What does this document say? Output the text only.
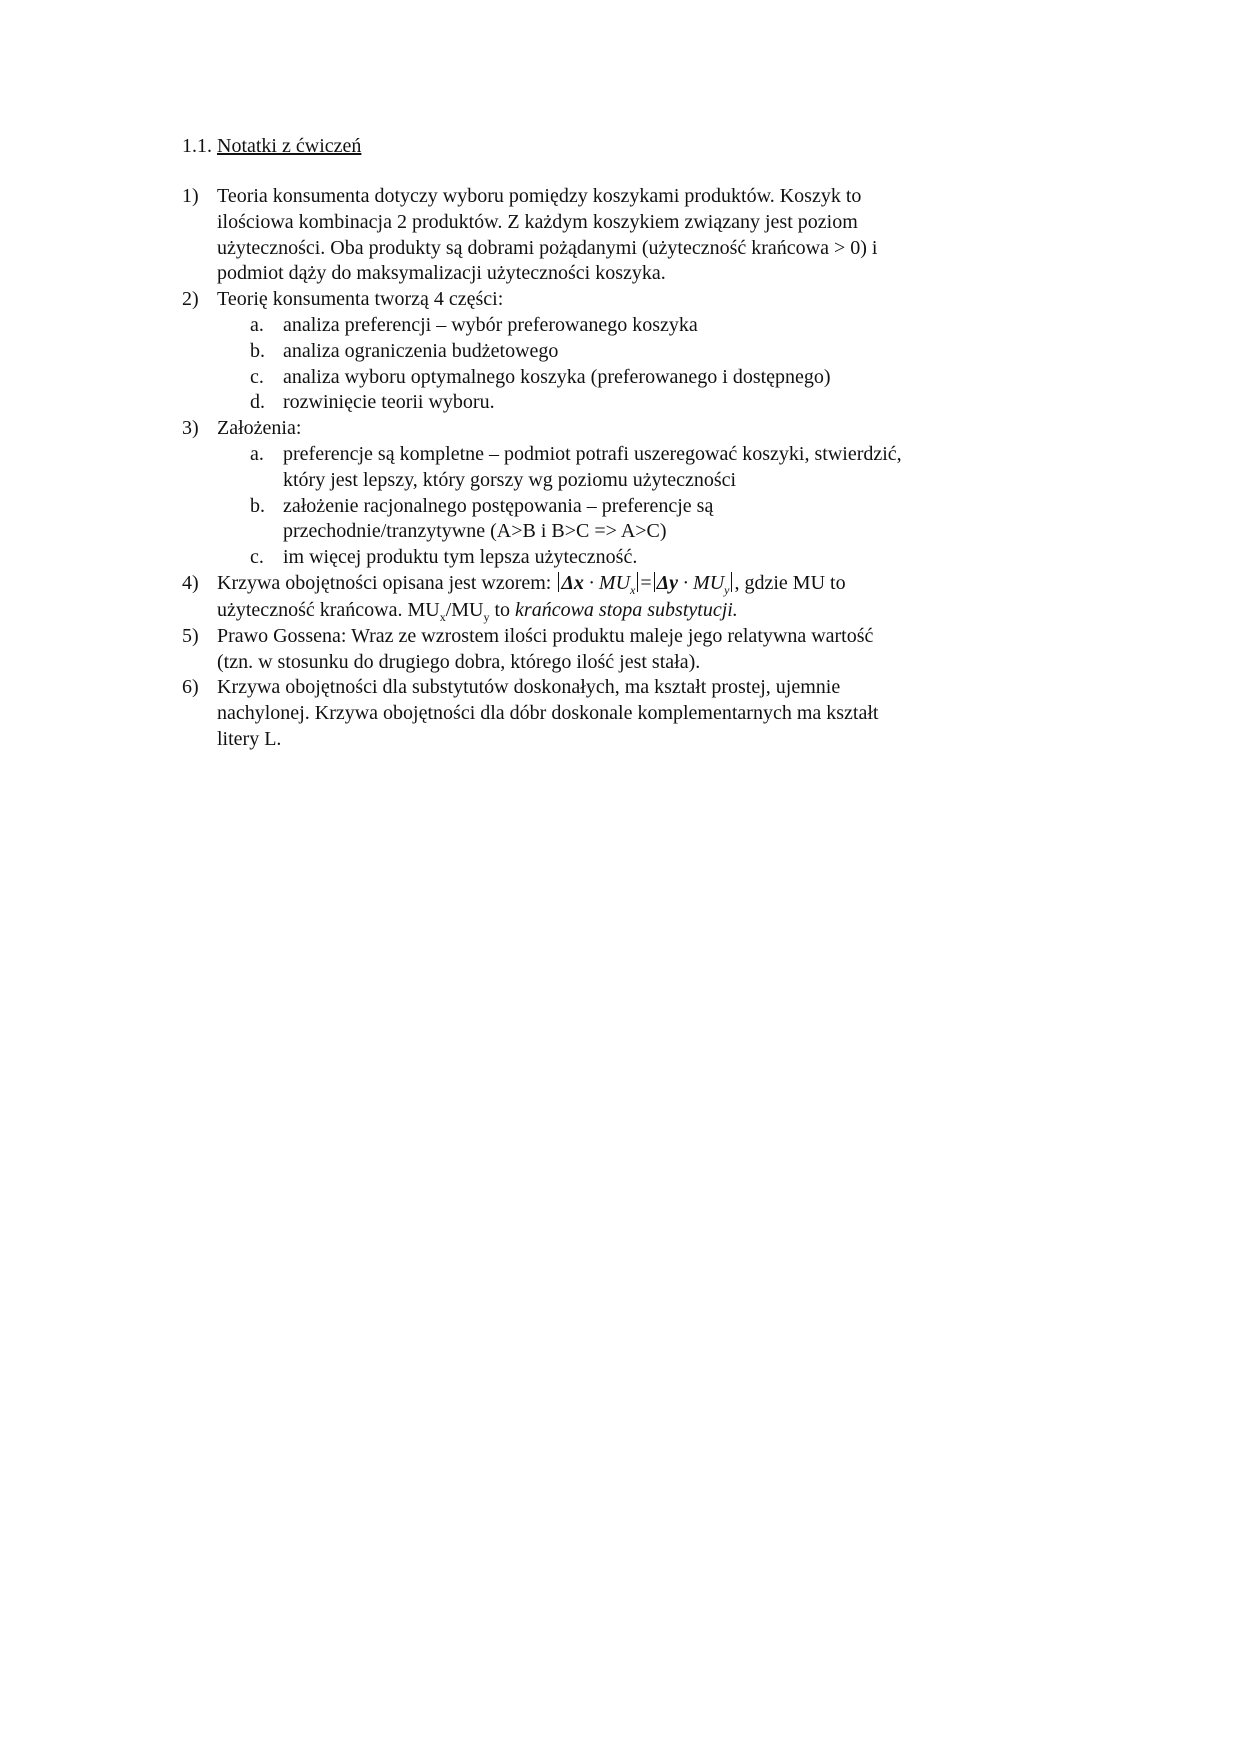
1.1. Notatki z ćwiczeń
1) Teoria konsumenta dotyczy wyboru pomiędzy koszykami produktów. Koszyk to
ilościowa kombinacja 2 produktów. Z każdym koszykiem związany jest poziom
użyteczności. Oba produkty są dobrami pożądanymi (użyteczność krańcowa > 0) i
podmiot dąży do maksymalizacji użyteczności koszyka.
2) Teorię konsumenta tworzą 4 części:
a. analiza preferencji – wybór preferowanego koszyka
b. analiza ograniczenia budżetowego
c. analiza wyboru optymalnego koszyka (preferowanego i dostępnego)
d. rozwinięcie teorii wyboru.
3) Założenia:
a. preferencje są kompletne – podmiot potrafi uszeregować koszyki, stwierdzić,
który jest lepszy, który gorszy wg poziomu użyteczności
b. założenie racjonalnego postępowania – preferencje są
przechodnie/tranzytywne (A>B i B>C => A>C)
c. im więcej produktu tym lepsza użyteczność.
4) Krzywa obojętności opisana jest wzorem: $\Delta x \cdot MU_x = \Delta y \cdot MU_y$ , gdzie MU to
użyteczność krańcowa. $MU_x/MU_y$ to krańcowa stopa substytucji.
5) Prawo Gossena: Wraz ze wzrostem ilości produktu maleje jego relatywna wartość
(tzn. w stosunku do drugiego dobra, którego ilość jest stała).
6) Krzywa obojętności dla substytutów doskonałych, ma kształt prostej, ujemnie
nachylonej. Krzywa obojętności dla dóbr doskonale komplementarnych ma kształt
litery L.
